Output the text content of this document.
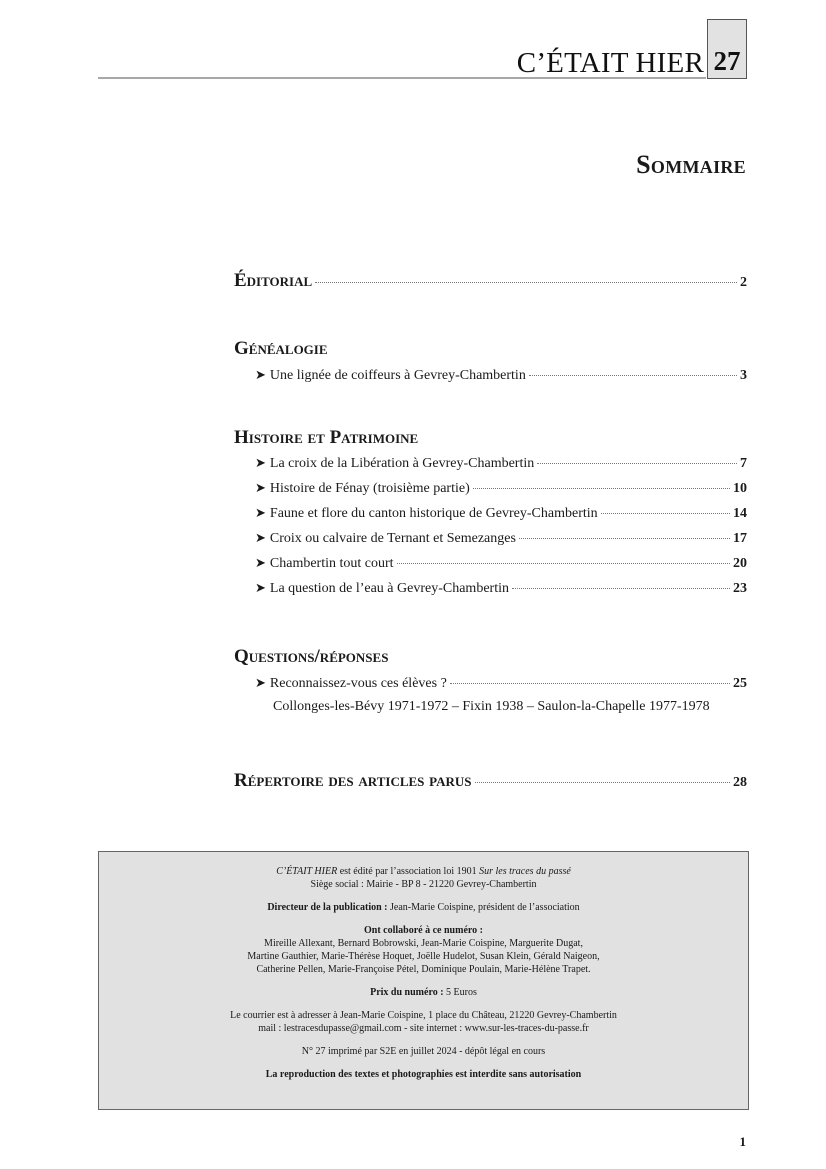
C’ÉTAIT HIER 27
Sommaire
Éditorial	2
Généalogie
➤ Une lignée de coiffeurs à Gevrey-Chambertin	3
Histoire et Patrimoine
➤ La croix de la Libération à Gevrey-Chambertin	7
➤ Histoire de Fénay (troisième partie)	10
➤ Faune et flore du canton historique de Gevrey-Chambertin	14
➤ Croix ou calvaire de Ternant et Semezanges	17
➤ Chambertin tout court	20
➤ La question de l’eau à Gevrey-Chambertin	23
Questions/réponses
➤ Reconnaissez-vous ces élèves ?	25
Collonges-les-Bévy 1971-1972 – Fixin 1938 – Saulon-la-Chapelle 1977-1978
Répertoire des articles parus	28

C’ÉTAIT HIER est édité par l’association loi 1901 Sur les traces du passé

Siège social : Mairie - BP 8 - 21220 Gevrey-Chambertin

Directeur de la publication : Jean-Marie Coispine, président de l’association

Ont collaboré à ce numéro :

Mireille Allexant, Bernard Bobrowski, Jean-Marie Coispine, Marguerite Dugat,

Martine Gauthier, Marie-Thérèse Hoquet, Joëlle Hudelot, Susan Klein, Gérald Naigeon,

Catherine Pellen, Marie-Françoise Pétel, Dominique Poulain, Marie-Hélène Trapet.

Prix du numéro : 5 Euros

Le courrier est à adresser à Jean-Marie Coispine, 1 place du Château, 21220 Gevrey-Chambertin

mail : lestracesdupasse@gmail.com - site internet : www.sur-les-traces-du-passe.fr

N° 27 imprimé par S2E en juillet 2024 - dépôt légal en cours

La reproduction des textes et photographies est interdite sans autorisation

1
